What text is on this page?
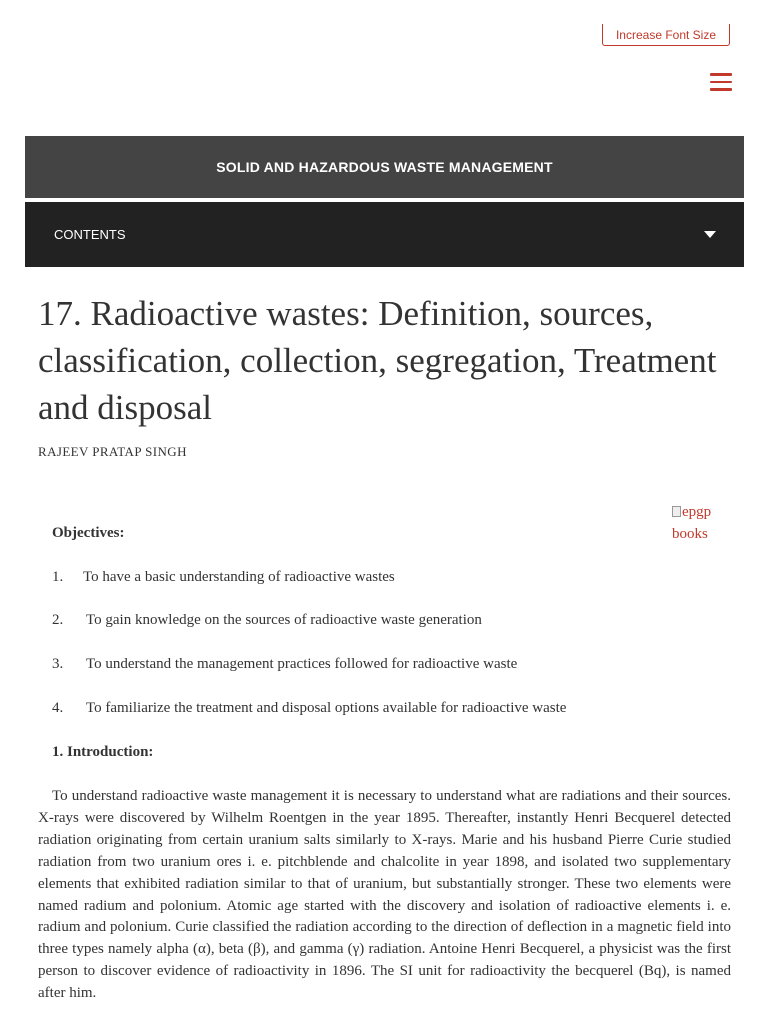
Increase Font Size
SOLID AND HAZARDOUS WASTE MANAGEMENT
CONTENTS
17. Radioactive wastes: Definition, sources, classification, collection, segregation, Treatment and disposal
RAJEEV PRATAP SINGH
epgp books
Objectives:
1. To have a basic understanding of radioactive wastes
2. To gain knowledge on the sources of radioactive waste generation
3. To understand the management practices followed for radioactive waste
4. To familiarize the treatment and disposal options available for radioactive waste
1. Introduction:

To understand radioactive waste management it is necessary to understand what are radiations and their sources. X-rays were discovered by Wilhelm Roentgen in the year 1895. Thereafter, instantly Henri Becquerel detected radiation originating from certain uranium salts similarly to X-rays. Marie and his husband Pierre Curie studied radiation from two uranium ores i. e. pitchblende and chalcolite in year 1898, and isolated two supplementary elements that exhibited radiation similar to that of uranium, but substantially stronger. These two elements were named radium and polonium. Atomic age started with the discovery and isolation of radioactive elements i. e. radium and polonium. Curie classified the radiation according to the direction of deflection in a magnetic field into three types namely alpha (α), beta (β), and gamma (γ) radiation. Antoine Henri Becquerel, a physicist was the first person to discover evidence of radioactivity in 1896. The SI unit for radioactivity the becquerel (Bq), is named after him.
